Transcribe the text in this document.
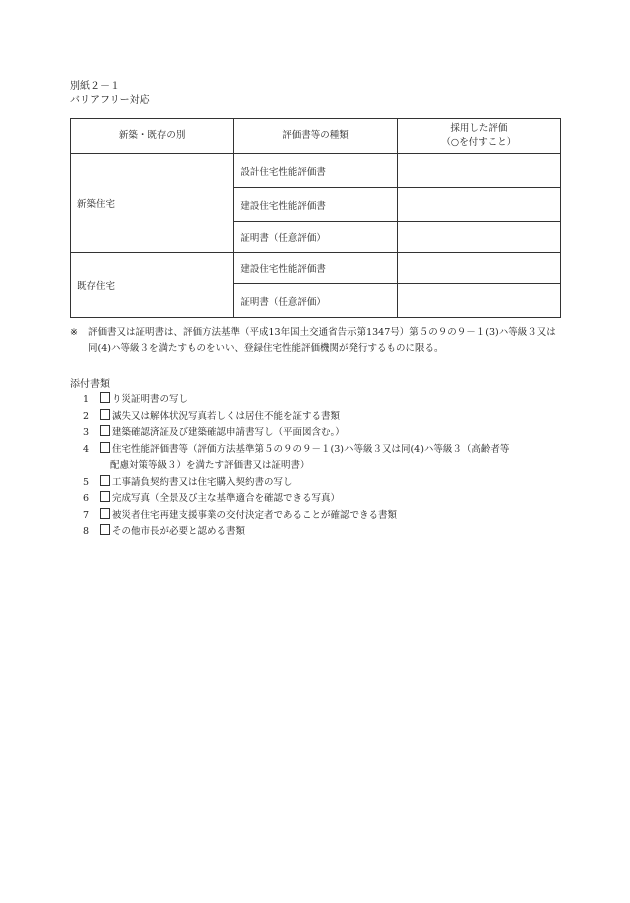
別紙２－１
バリアフリー対応
新築・既存の別	評価書等の種類	採用した評価
（○を付すこと）
新築住宅	設計住宅性能評価書	
	建設住宅性能評価書	
	証明書（任意評価）	
既存住宅	建設住宅性能評価書	
	証明書（任意評価）	
※ 評価書又は証明書は、評価方法基準（平成13年国土交通省告示第1347号）第５の９の９－１(3)ハ等級３又は同(4)ハ等級３を満たすものをいい、登録住宅性能評価機関が発行するものに限る。
添付書類
1	り災証明書の写し
2	滅失又は解体状況写真若しくは居住不能を証する書類
3	建築確認済証及び建築確認申請書写し（平面図含む。）
4	住宅性能評価書等（評価方法基準第５の９の９－１(3)ハ等級３又は同(4)ハ等級３（高齢者等
配慮対策等級３）を満たす評価書又は証明書）
5	工事請負契約書又は住宅購入契約書の写し
6	完成写真（全景及び主な基準適合を確認できる写真）
7	被災者住宅再建支援事業の交付決定者であることが確認できる書類
8	その他市長が必要と認める書類
